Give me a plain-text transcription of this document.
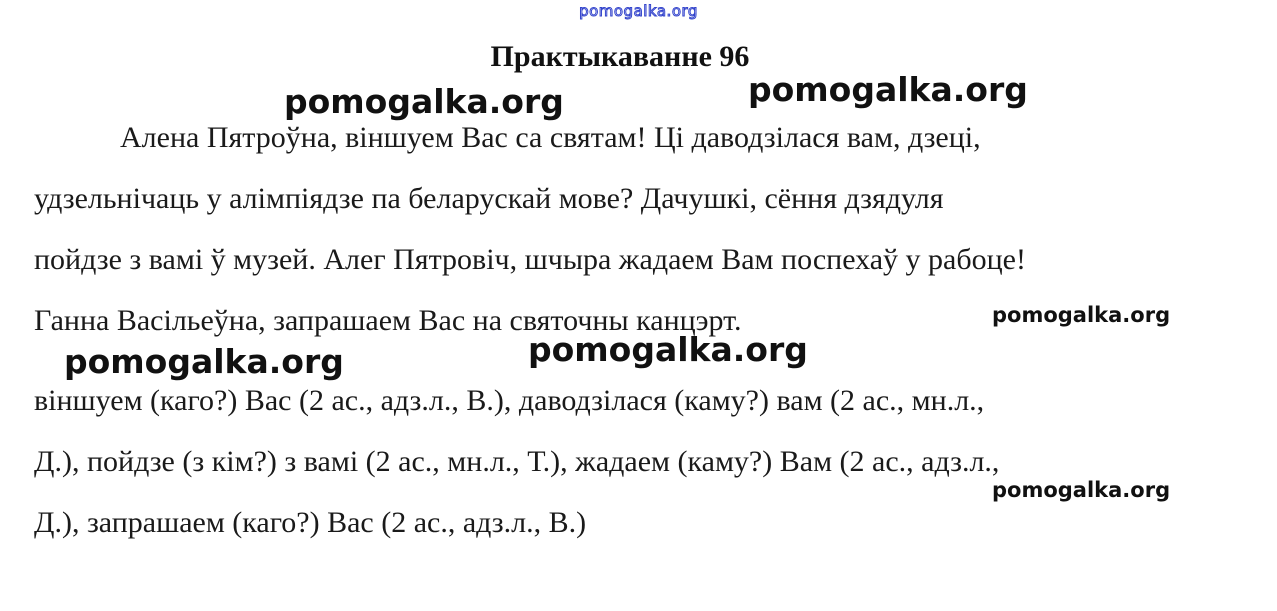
pomogalka.org
Практыкаванне 96
Алена Пятроўна, віншуем Вас са святам! Ці даводзілася вам, дзеці,
удзельнічаць у алімпіядзе па беларускай мове? Дачушкі, сёння дзядуля
пойдзе з вамі ў музей. Алег Пятровіч, шчыра жадаем Вам поспехаў у рабоце!
Ганна Васільеўна, запрашаем Вас на святочны канцэрт.
віншуем (каго?) Вас (2 ас., адз.л., В.), даводзілася (каму?) вам (2 ас., мн.л.,
Д.), пойдзе (з кім?) з вамі (2 ас., мн.л., Т.), жадаем (каму?) Вам (2 ас., адз.л.,
Д.), запрашаем (каго?) Вас (2 ас., адз.л., В.)
pomogalka.org	pomogalka.org
pomogalka.org
pomogalka.org	pomogalka.org
pomogalka.org
